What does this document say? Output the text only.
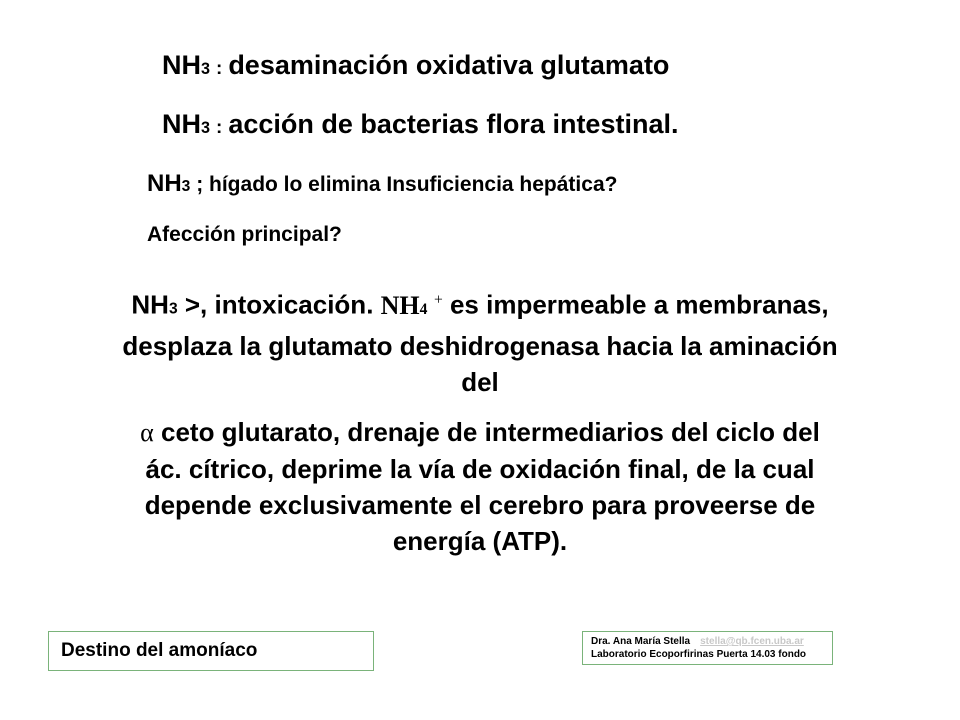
NH3 : desaminación oxidativa glutamato
NH3 : acción de bacterias flora intestinal.
NH3 ; hígado lo elimina Insuficiencia hepática?
Afección principal?

NH3 >, intoxicación. NH4 + es impermeable a membranas, desplaza la glutamato deshidrogenasa hacia la aminación del

α ceto glutarato, drenaje de intermediarios del ciclo del ác. cítrico, deprime la vía de oxidación final, de la cual depende exclusivamente el cerebro para proveerse de energía (ATP).

Destino del amoníaco	Dra. Ana María Stella stella@qb.fcen.uba.ar
Laboratorio Ecoporfirinas Puerta 14.03 fondo
